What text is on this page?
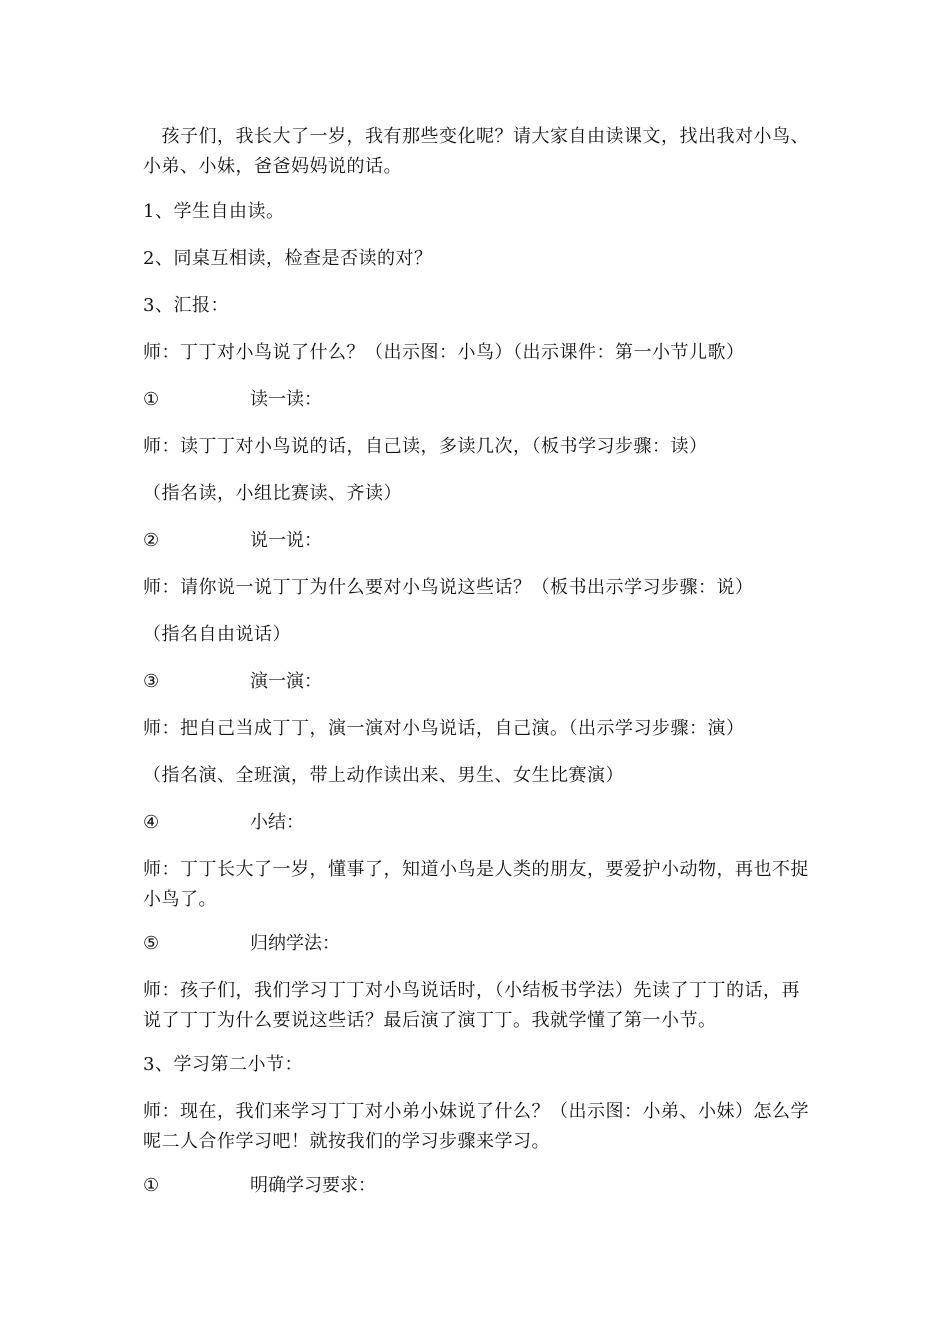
　孩子们，我长大了一岁，我有那些变化呢？请大家自由读课文，找出我对小鸟、小弟、小妹，爸爸妈妈说的话。

1、学生自由读。

2、同桌互相读，检查是否读的对？

3、汇报：

师：丁丁对小鸟说了什么？（出示图：小鸟）（出示课件：第一小节儿歌）

①	读一读：

师：读丁丁对小鸟说的话，自己读，多读几次，（板书学习步骤：读）

（指名读，小组比赛读、齐读）

②	说一说：

师：请你说一说丁丁为什么要对小鸟说这些话？（板书出示学习步骤：说）

（指名自由说话）

③	演一演：

师：把自己当成丁丁，演一演对小鸟说话，自己演。（出示学习步骤：演）

（指名演、全班演，带上动作读出来、男生、女生比赛演）

④	小结：

师：丁丁长大了一岁，懂事了，知道小鸟是人类的朋友，要爱护小动物，再也不捉小鸟了。

⑤	归纳学法：

师：孩子们，我们学习丁丁对小鸟说话时，（小结板书学法）先读了丁丁的话，再说了丁丁为什么要说这些话？最后演了演丁丁。我就学懂了第一小节。

3、学习第二小节：

师：现在，我们来学习丁丁对小弟小妹说了什么？（出示图：小弟、小妹）怎么学呢二人合作学习吧！就按我们的学习步骤来学习。

①	明确学习要求：
